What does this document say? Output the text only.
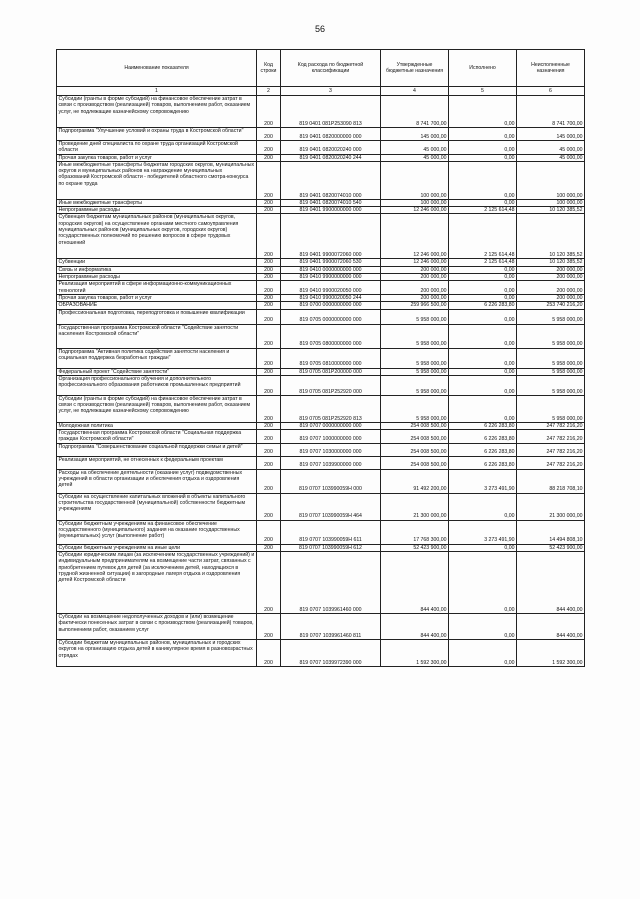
56
Наименование показателя	Код строки	Код расхода по бюджетной классификации	Утвержденные бюджетные назначения	Исполнено	Неисполненные назначения
1	2	3	4	5	6
Субсидии (гранты в форме субсидий) на финансовое обеспечение затрат в связи с производством (реализацией) товаров, выполнением работ, оказанием услуг, не подлежащие казначейскому сопровождению	200	819 0401 081P253090 813	8 741 700,00	0,00	8 741 700,00
Подпрограмма "Улучшение условий и охраны труда в Костромской области"	200	819 0401 0820000000 000	145 000,00	0,00	145 000,00
Проведение дней специалиста по охране труда организаций Костромской области	200	819 0401 0820020240 000	45 000,00	0,00	45 000,00
Прочая закупка товаров, работ и услуг	200	819 0401 0820020240 244	45 000,00	0,00	45 000,00
Иные межбюджетные трансферты бюджетам городских округов, муниципальных округов и муниципальных районов на награждение муниципальных образований Костромской области - победителей областного смотра-конкурса по охране труда	200	819 0401 0820074010 000	100 000,00	0,00	100 000,00
Иные межбюджетные трансферты	200	819 0401 0820074010 540	100 000,00	0,00	100 000,00
Непрограммные расходы	200	819 0401 9900000000 000	12 246 000,00	2 125 614,48	10 120 385,52
Субвенция бюджетам муниципальных районов (муниципальных округов, городских округов) на осуществление органами местного самоуправления муниципальных районов (муниципальных округов, городских округов) государственных полномочий по решению вопросов в сфере трудовых отношений	200	819 0401 9900072060 000	12 246 000,00	2 125 614,48	10 120 385,52
Субвенции	200	819 0401 9900072060 530	12 246 000,00	2 125 614,48	10 120 385,52
Связь и информатика	200	819 0410 0000000000 000	200 000,00	0,00	200 000,00
Непрограммные расходы	200	819 0410 9900000000 000	200 000,00	0,00	200 000,00
Реализация мероприятий в сфере информационно-коммуникационных технологий	200	819 0410 9900020050 000	200 000,00	0,00	200 000,00
Прочая закупка товаров, работ и услуг	200	819 0410 9900020050 244	200 000,00	0,00	200 000,00
ОБРАЗОВАНИЕ	200	819 0700 0000000000 000	259 966 500,00	6 226 283,80	253 740 216,20
Профессиональная подготовка, переподготовка и повышение квалификации	200	819 0705 0000000000 000	5 958 000,00	0,00	5 958 000,00
Государственная программа Костромской области "Содействие занятости населения Костромской области"	200	819 0705 0800000000 000	5 958 000,00	0,00	5 958 000,00
Подпрограмма "Активная политика содействия занятости населения и социальная поддержка безработных граждан"	200	819 0705 0810000000 000	5 958 000,00	0,00	5 958 000,00
Федеральный проект "Содействие занятости"	200	819 0705 081P200000 000	5 958 000,00	0,00	5 958 000,00
Организация профессионального обучения и дополнительного профессионального образования работников промышленных предприятий	200	819 0705 081P252920 000	5 958 000,00	0,00	5 958 000,00
Субсидии (гранты в форме субсидий) на финансовое обеспечение затрат в связи с производством (реализацией) товаров, выполнением работ, оказанием услуг, не подлежащие казначейскому сопровождению	200	819 0705 081P252920 813	5 958 000,00	0,00	5 958 000,00
Молодежная политика	200	819 0707 0000000000 000	254 008 500,00	6 226 283,80	247 782 216,20
Государственная программа Костромской области "Социальная поддержка граждан Костромской области"	200	819 0707 1000000000 000	254 008 500,00	6 226 283,80	247 782 216,20
Подпрограмма "Совершенствование социальной поддержки семьи и детей"	200	819 0707 1030000000 000	254 008 500,00	6 226 283,80	247 782 216,20
Реализация мероприятий, не отнесенных к федеральным проектам	200	819 0707 1039900000 000	254 008 500,00	6 226 283,80	247 782 216,20
Расходы на обеспечение деятельности (оказание услуг) подведомственных учреждений в области организации и обеспечения отдыха и оздоровления детей	200	819 0707 103990059Н 000	91 492 200,00	3 273 491,90	88 218 708,10
Субсидии на осуществление капитальных вложений в объекты капитального строительства государственной (муниципальной) собственности бюджетным учреждениям	200	819 0707 103990059Н 464	21 300 000,00	0,00	21 300 000,00
Субсидии бюджетным учреждениям на финансовое обеспечение государственного (муниципального) задания на оказание государственных (муниципальных) услуг (выполнение работ)	200	819 0707 103990059Н 611	17 768 300,00	3 273 491,90	14 494 808,10
Субсидии бюджетным учреждениям на иные цели	200	819 0707 103990059Н 612	52 423 900,00	0,00	52 423 900,00
Субсидии юридическим лицам (за исключением государственных учреждений) и индивидуальным предпринимателям на возмещение части затрат, связанных с приобретением путевок для детей (за исключением детей, находящихся в трудной жизненной ситуации) в загородные лагеря отдыха и оздоровления детей Костромской области	200	819 0707 1039961460 000	844 400,00	0,00	844 400,00
Субсидии на возмещение недополученных доходов и (или) возмещение фактически понесенных затрат в связи с производством (реализацией) товаров, выполнением работ, оказанием услуг	200	819 0707 1039961460 811	844 400,00	0,00	844 400,00
Субсидии бюджетам муниципальных районов, муниципальных и городских округов на организацию отдыха детей в каникулярное время в разновозрастных отрядах	200	819 0707 1039972390 000	1 592 300,00	0,00	1 592 300,00
